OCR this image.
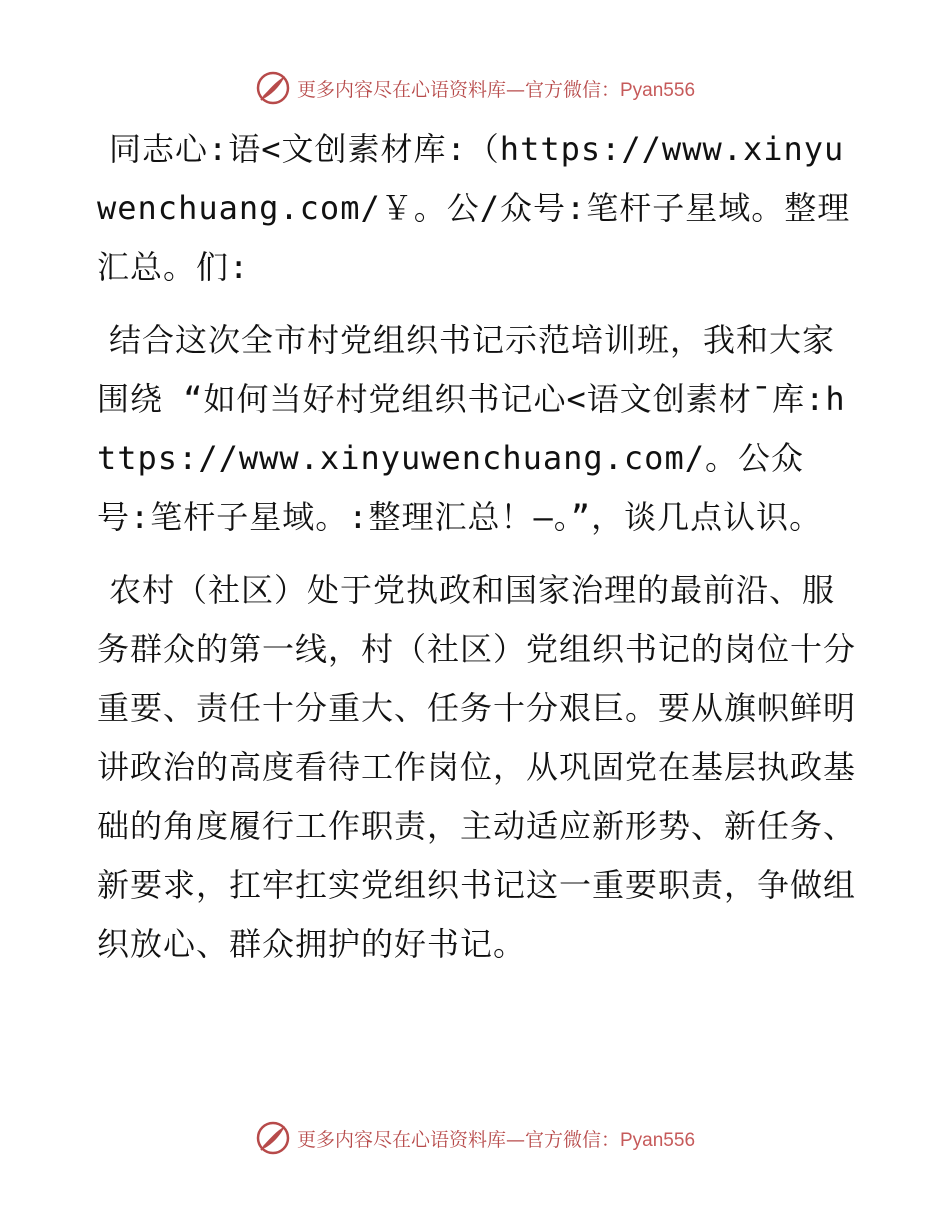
更多内容尽在心语资料库—官方微信：Pyan556

同志心:语<文创素材库:（https://www.xinyuwenchuang.com/￥。公/众号:笔杆子星域。整理汇总。们:

结合这次全市村党组织书记示范培训班，我和大家围绕 “如何当好村党组织书记心<语文创素材¯库:https://www.xinyuwenchuang.com/。公众号:笔杆子星域。:整理汇总！—。”，谈几点认识。

农村（社区）处于党执政和国家治理的最前沿、服务群众的第一线，村（社区）党组织书记的岗位十分重要、责任十分重大、任务十分艰巨。要从旗帜鲜明讲政治的高度看待工作岗位，从巩固党在基层执政基础的角度履行工作职责，主动适应新形势、新任务、新要求，扛牢扛实党组织书记这一重要职责，争做组织放心、群众拥护的好书记。

更多内容尽在心语资料库—官方微信：Pyan556
